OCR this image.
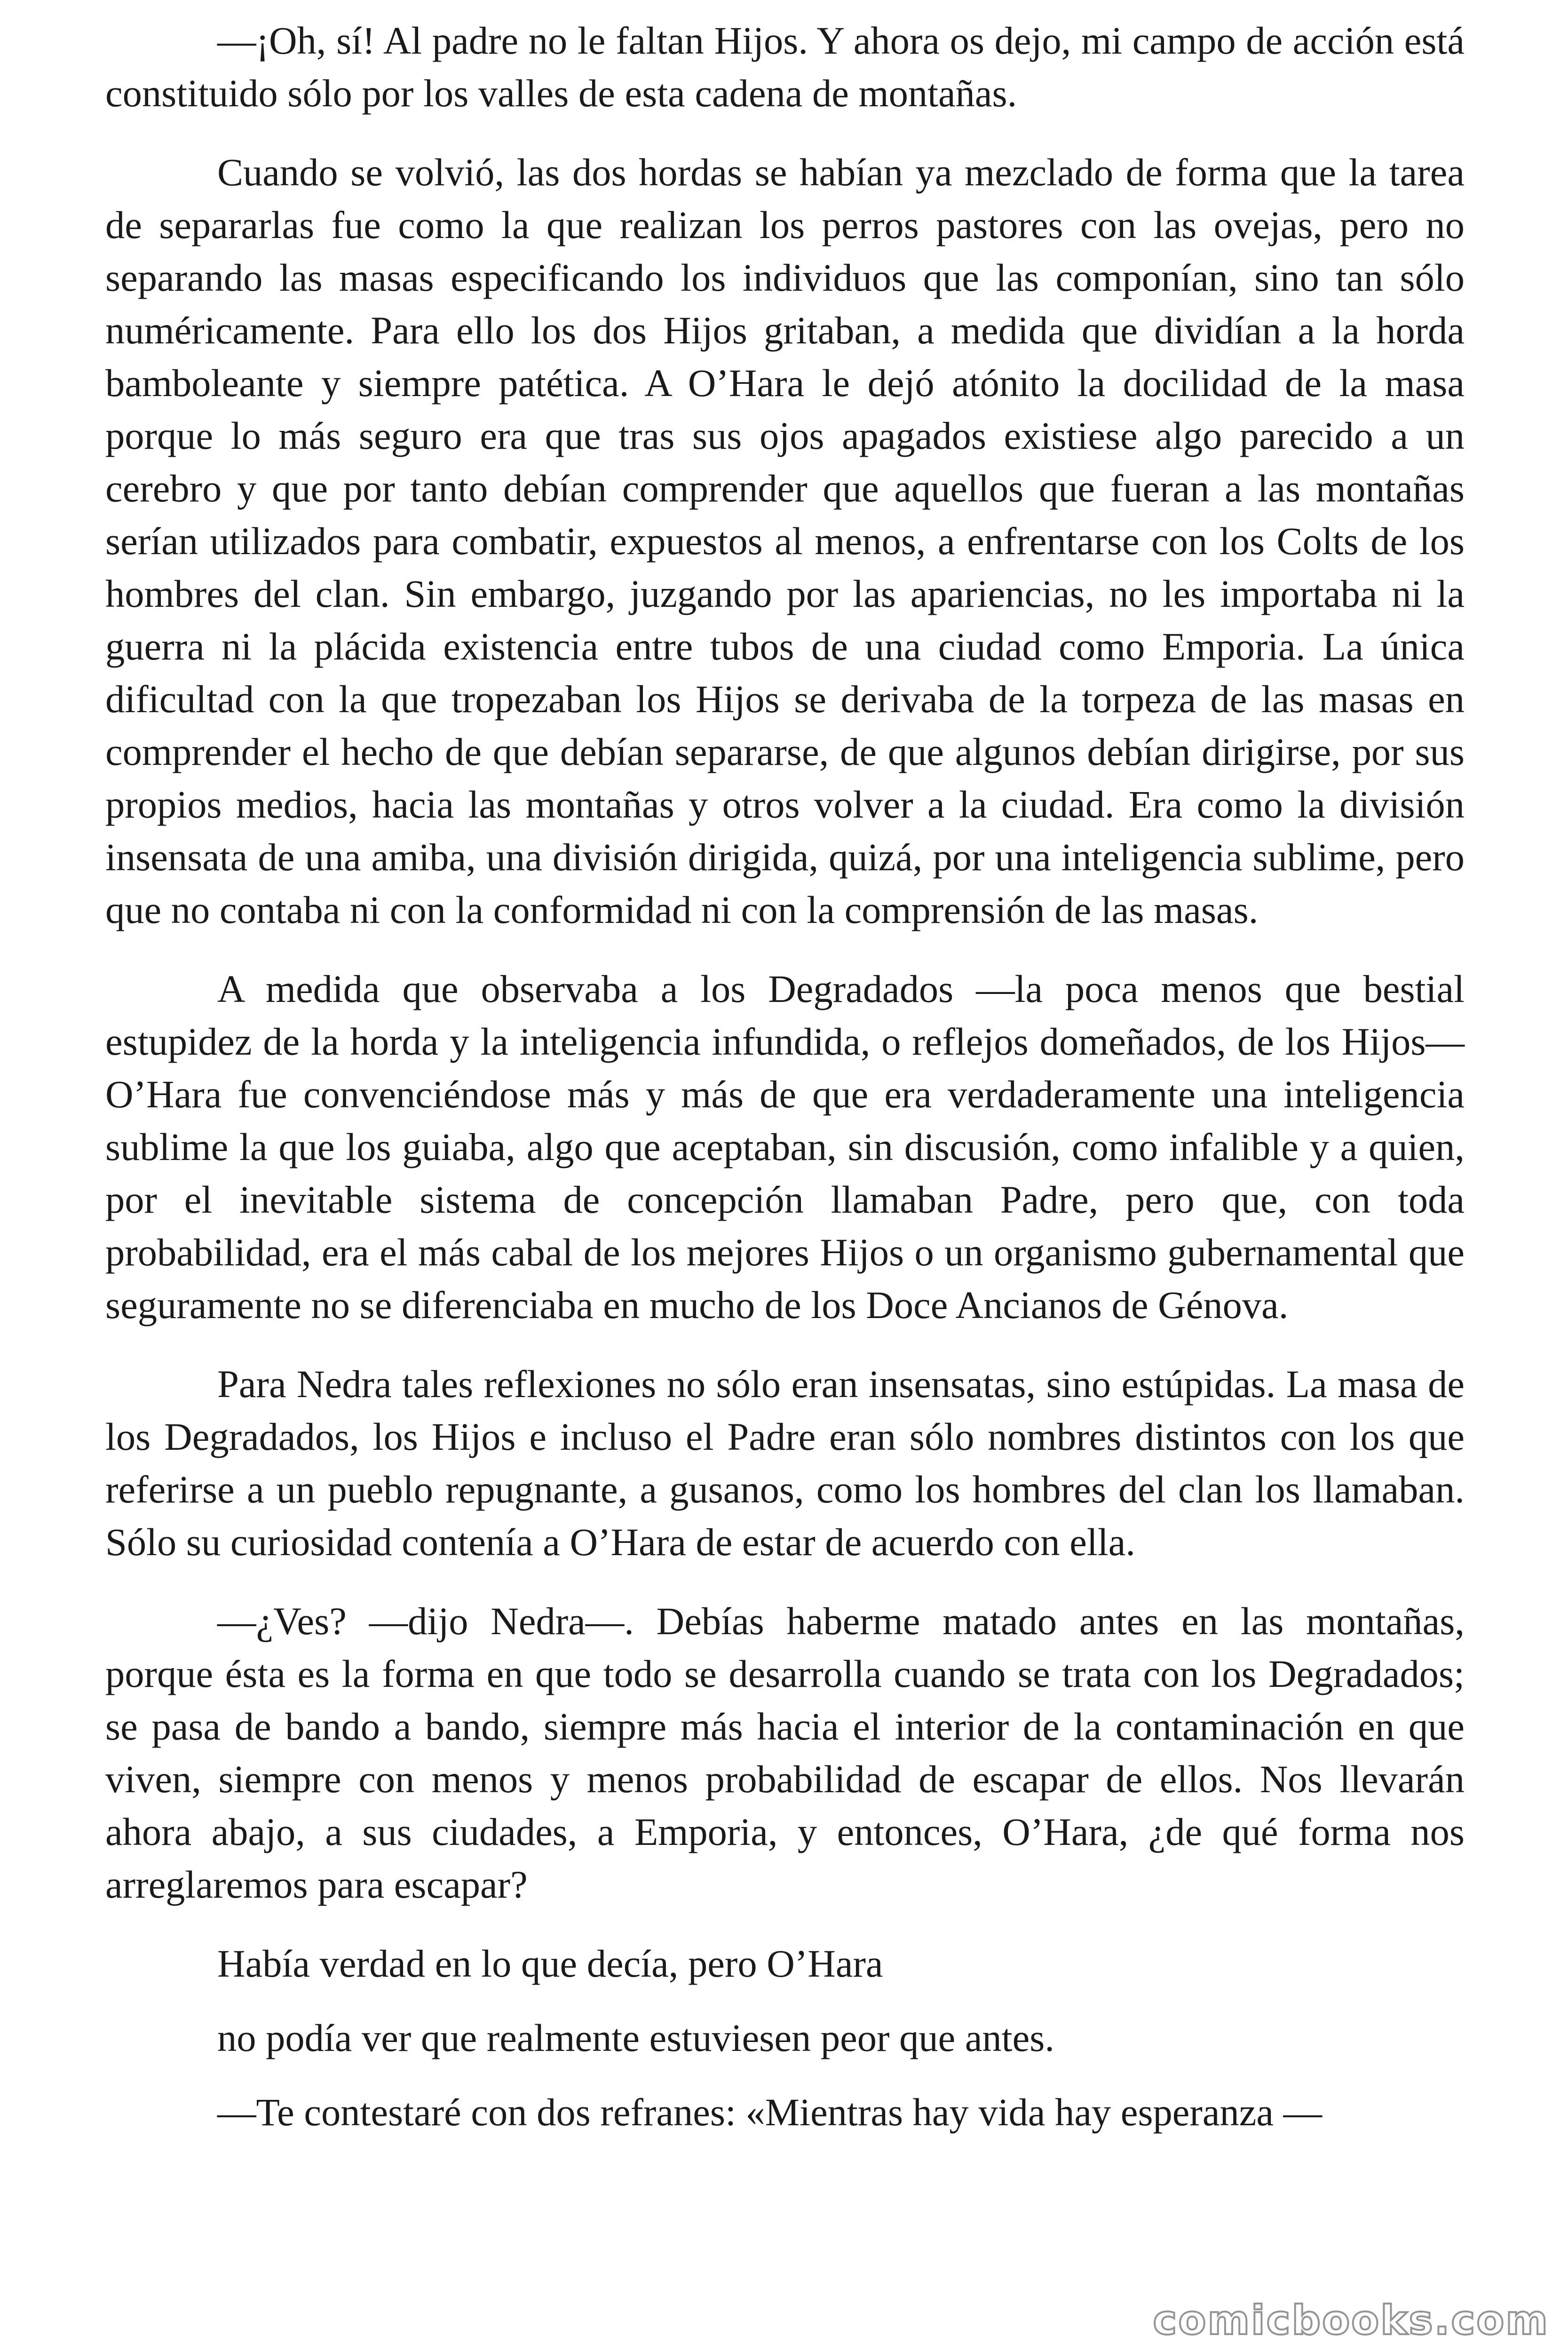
—¡Oh, sí! Al padre no le faltan Hijos. Y ahora os dejo, mi campo de acción está constituido sólo por los valles de esta cadena de montañas.

Cuando se volvió, las dos hordas se habían ya mezclado de forma que la tarea de separarlas fue como la que realizan los perros pastores con las ovejas, pero no separando las masas especificando los individuos que las componían, sino tan sólo numéricamente. Para ello los dos Hijos gritaban, a medida que dividían a la horda bamboleante y siempre patética. A O’Hara le dejó atónito la docilidad de la masa porque lo más seguro era que tras sus ojos apagados existiese algo parecido a un cerebro y que por tanto debían comprender que aquellos que fueran a las montañas serían utilizados para combatir, expuestos al menos, a enfrentarse con los Colts de los hombres del clan. Sin embargo, juzgando por las apariencias, no les importaba ni la guerra ni la plácida existencia entre tubos de una ciudad como Emporia. La única dificultad con la que tropezaban los Hijos se derivaba de la torpeza de las masas en comprender el hecho de que debían separarse, de que algunos debían dirigirse, por sus propios medios, hacia las montañas y otros volver a la ciudad. Era como la división insensata de una amiba, una división dirigida, quizá, por una inteligencia sublime, pero que no contaba ni con la conformidad ni con la comprensión de las masas.

A medida que observaba a los Degradados —la poca menos que bestial estupidez de la horda y la inteligencia infundida, o reflejos domeñados, de los Hijos— O’Hara fue convenciéndose más y más de que era verdaderamente una inteligencia sublime la que los guiaba, algo que aceptaban, sin discusión, como infalible y a quien, por el inevitable sistema de concepción llamaban Padre, pero que, con toda probabilidad, era el más cabal de los mejores Hijos o un organismo gubernamental que seguramente no se diferenciaba en mucho de los Doce Ancianos de Génova.

Para Nedra tales reflexiones no sólo eran insensatas, sino estúpidas. La masa de los Degradados, los Hijos e incluso el Padre eran sólo nombres distintos con los que referirse a un pueblo repugnante, a gusanos, como los hombres del clan los llamaban. Sólo su curiosidad contenía a O’Hara de estar de acuerdo con ella.

—¿Ves? —dijo Nedra—. Debías haberme matado antes en las montañas, porque ésta es la forma en que todo se desarrolla cuando se trata con los Degradados; se pasa de bando a bando, siempre más hacia el interior de la contaminación en que viven, siempre con menos y menos probabilidad de escapar de ellos. Nos llevarán ahora abajo, a sus ciudades, a Emporia, y entonces, O’Hara, ¿de qué forma nos arreglaremos para escapar?

Había verdad en lo que decía, pero O’Hara

no podía ver que realmente estuviesen peor que antes.

—Te contestaré con dos refranes: «Mientras hay vida hay esperanza —

comicbooks.com
